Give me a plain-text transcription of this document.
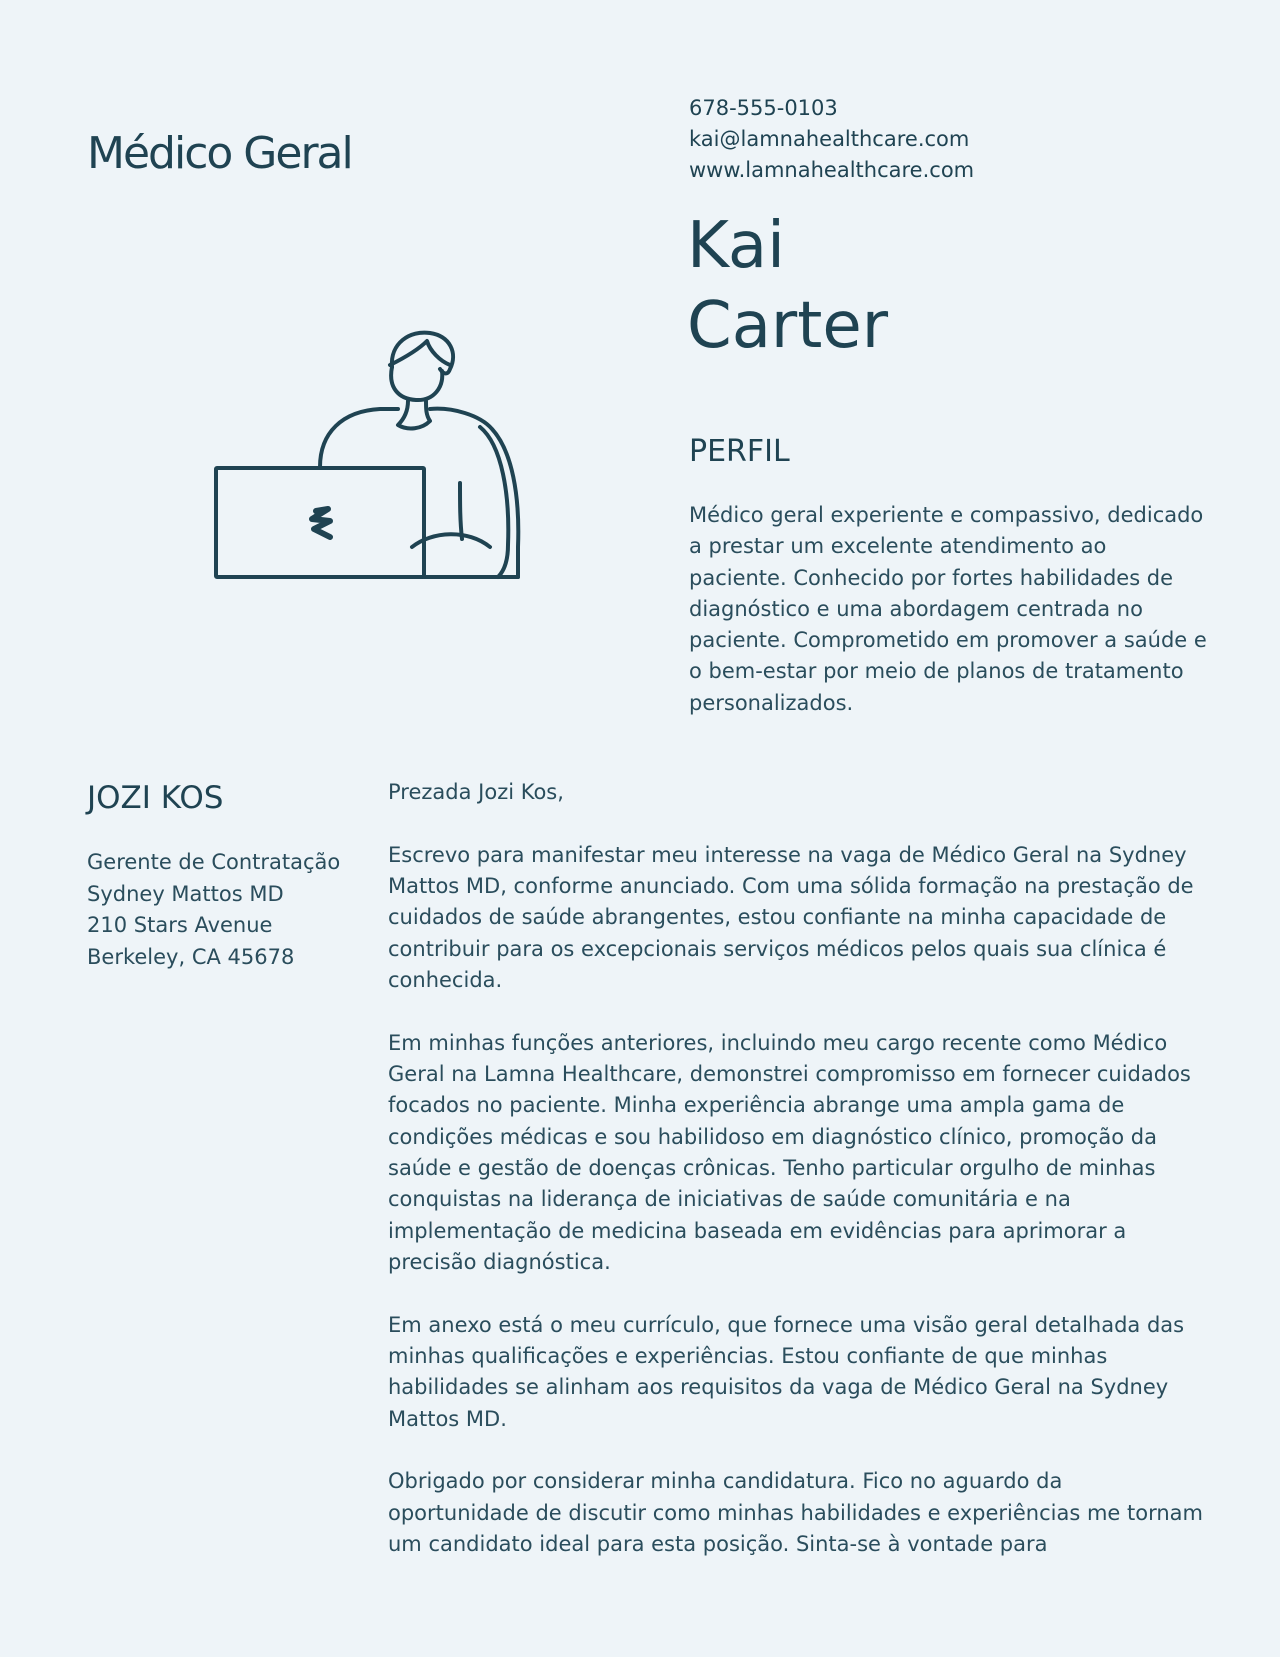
Médico Geral
678-555-0103
kai@lamnahealthcare.com
www.lamnahealthcare.com
Kai
Carter
PERFIL

Médico geral experiente e compassivo, dedicado a prestar um excelente atendimento ao paciente. Conhecido por fortes habilidades de diagnóstico e uma abordagem centrada no paciente. Comprometido em promover a saúde e o bem-estar por meio de planos de tratamento personalizados.

JOZI KOS
Gerente de Contratação
Sydney Mattos MD
210 Stars Avenue
Berkeley, CA 45678

Prezada Jozi Kos,

Escrevo para manifestar meu interesse na vaga de Médico Geral na Sydney Mattos MD, conforme anunciado. Com uma sólida formação na prestação de cuidados de saúde abrangentes, estou confiante na minha capacidade de contribuir para os excepcionais serviços médicos pelos quais sua clínica é conhecida.

Em minhas funções anteriores, incluindo meu cargo recente como Médico Geral na Lamna Healthcare, demonstrei compromisso em fornecer cuidados focados no paciente. Minha experiência abrange uma ampla gama de condições médicas e sou habilidoso em diagnóstico clínico, promoção da saúde e gestão de doenças crônicas. Tenho particular orgulho de minhas conquistas na liderança de iniciativas de saúde comunitária e na implementação de medicina baseada em evidências para aprimorar a precisão diagnóstica.

Em anexo está o meu currículo, que fornece uma visão geral detalhada das minhas qualificações e experiências. Estou confiante de que minhas habilidades se alinham aos requisitos da vaga de Médico Geral na Sydney Mattos MD.

Obrigado por considerar minha candidatura. Fico no aguardo da oportunidade de discutir como minhas habilidades e experiências me tornam um candidato ideal para esta posição. Sinta-se à vontade para
